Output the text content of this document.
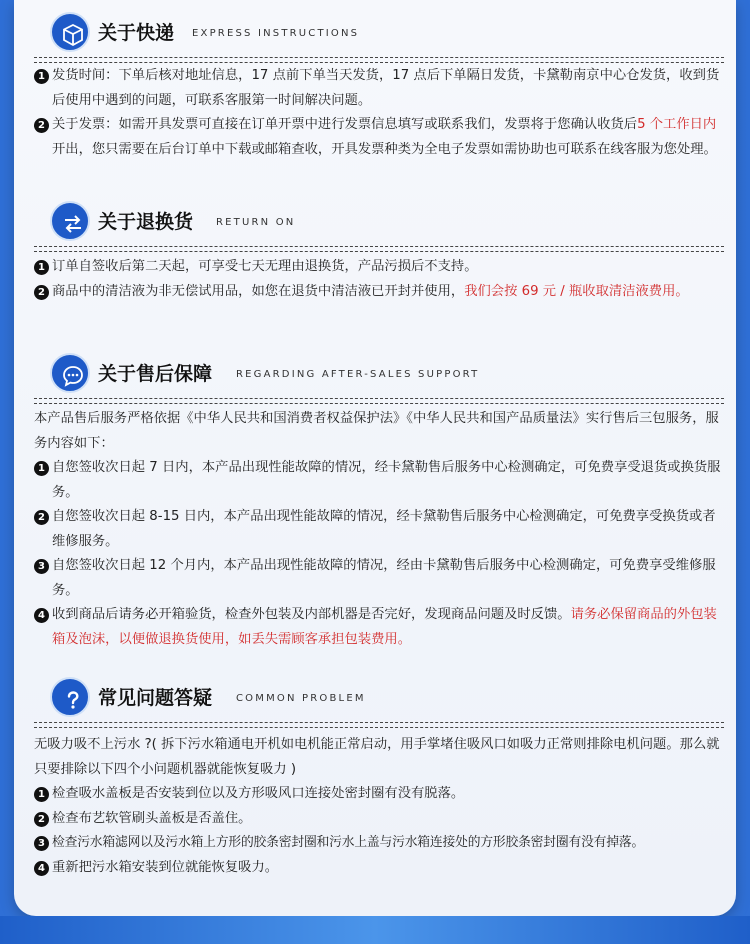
关于快递 EXPRESS INSTRUCTIONS
1 发货时间：下单后核对地址信息，17 点前下单当天发货，17 点后下单隔日发货，卡黛勒南京中心仓发货，收到货后使用中遇到的问题，可联系客服第一时间解决问题。
2 关于发票：如需开具发票可直接在订单开票中进行发票信息填写或联系我们，发票将于您确认收货后5 个工作日内开出，您只需要在后台订单中下载或邮箱查收，开具发票种类为全电子发票如需协助也可联系在线客服为您处理。
关于退换货 RETURN ON
1 订单自签收后第二天起，可享受七天无理由退换货，产品污损后不支持。
2 商品中的清洁液为非无偿试用品，如您在退货中清洁液已开封并使用，我们会按 69 元 / 瓶收取清洁液费用。
关于售后保障 REGARDING AFTER-SALES SUPPORT
本产品售后服务严格依据《中华人民共和国消费者权益保护法》《中华人民共和国产品质量法》实行售后三包服务，服务内容如下：
1 自您签收次日起 7 日内，本产品出现性能故障的情况，经卡黛勒售后服务中心检测确定，可免费享受退货或换货服务。
2 自您签收次日起 8-15 日内，本产品出现性能故障的情况，经卡黛勒售后服务中心检测确定，可免费享受换货或者维修服务。
3 自您签收次日起 12 个月内，本产品出现性能故障的情况，经由卡黛勒售后服务中心检测确定，可免费享受维修服务。
4 收到商品后请务必开箱验货，检查外包装及内部机器是否完好，发现商品问题及时反馈。请务必保留商品的外包装箱及泡沫，以便做退换货使用，如丢失需顾客承担包装费用。
常见问题答疑 COMMON PROBLEM
无吸力吸不上污水 ?( 拆下污水箱通电开机如电机能正常启动，用手掌堵住吸风口如吸力正常则排除电机问题。那么就只要排除以下四个小问题机器就能恢复吸力 )
1 检查吸水盖板是否安装到位以及方形吸风口连接处密封圈有没有脱落。
2 检查布艺软管刷头盖板是否盖住。
3 检查污水箱滤网以及污水箱上方形的胶条密封圈和污水上盖与污水箱连接处的方形胶条密封圈有没有掉落。
4 重新把污水箱安装到位就能恢复吸力。
